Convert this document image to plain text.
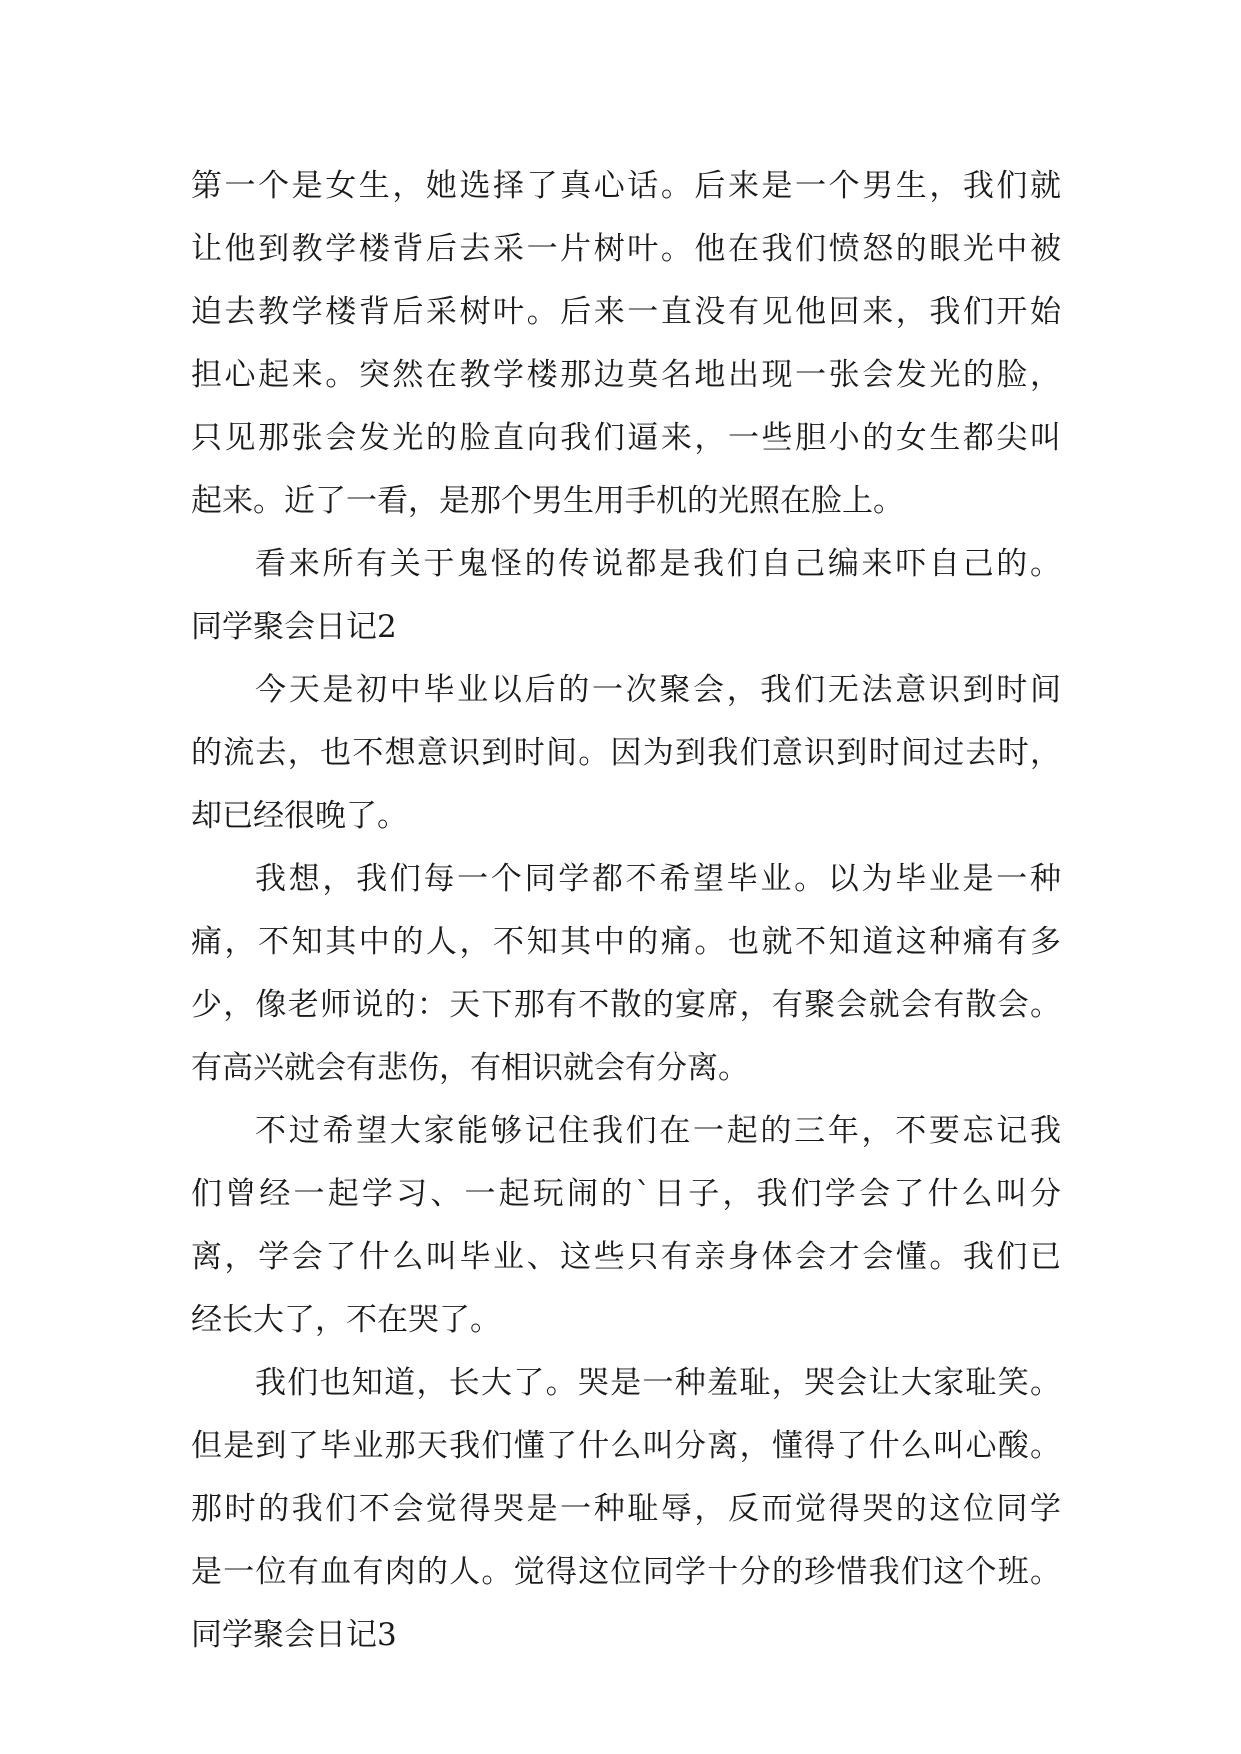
第一个是女生，她选择了真心话。后来是一个男生，我们就
让他到教学楼背后去采一片树叶。他在我们愤怒的眼光中被
迫去教学楼背后采树叶。后来一直没有见他回来，我们开始
担心起来。突然在教学楼那边莫名地出现一张会发光的脸，
只见那张会发光的脸直向我们逼来，一些胆小的女生都尖叫
起来。近了一看，是那个男生用手机的光照在脸上。
看来所有关于鬼怪的传说都是我们自己编来吓自己的。
同学聚会日记2
今天是初中毕业以后的一次聚会，我们无法意识到时间
的流去，也不想意识到时间。因为到我们意识到时间过去时，
却已经很晚了。
我想，我们每一个同学都不希望毕业。以为毕业是一种
痛，不知其中的人，不知其中的痛。也就不知道这种痛有多
少，像老师说的：天下那有不散的宴席，有聚会就会有散会。
有高兴就会有悲伤，有相识就会有分离。
不过希望大家能够记住我们在一起的三年，不要忘记我
们曾经一起学习、一起玩闹的`日子，我们学会了什么叫分
离，学会了什么叫毕业、这些只有亲身体会才会懂。我们已
经长大了，不在哭了。
我们也知道，长大了。哭是一种羞耻，哭会让大家耻笑。
但是到了毕业那天我们懂了什么叫分离，懂得了什么叫心酸。
那时的我们不会觉得哭是一种耻辱，反而觉得哭的这位同学
是一位有血有肉的人。觉得这位同学十分的珍惜我们这个班。
同学聚会日记3
